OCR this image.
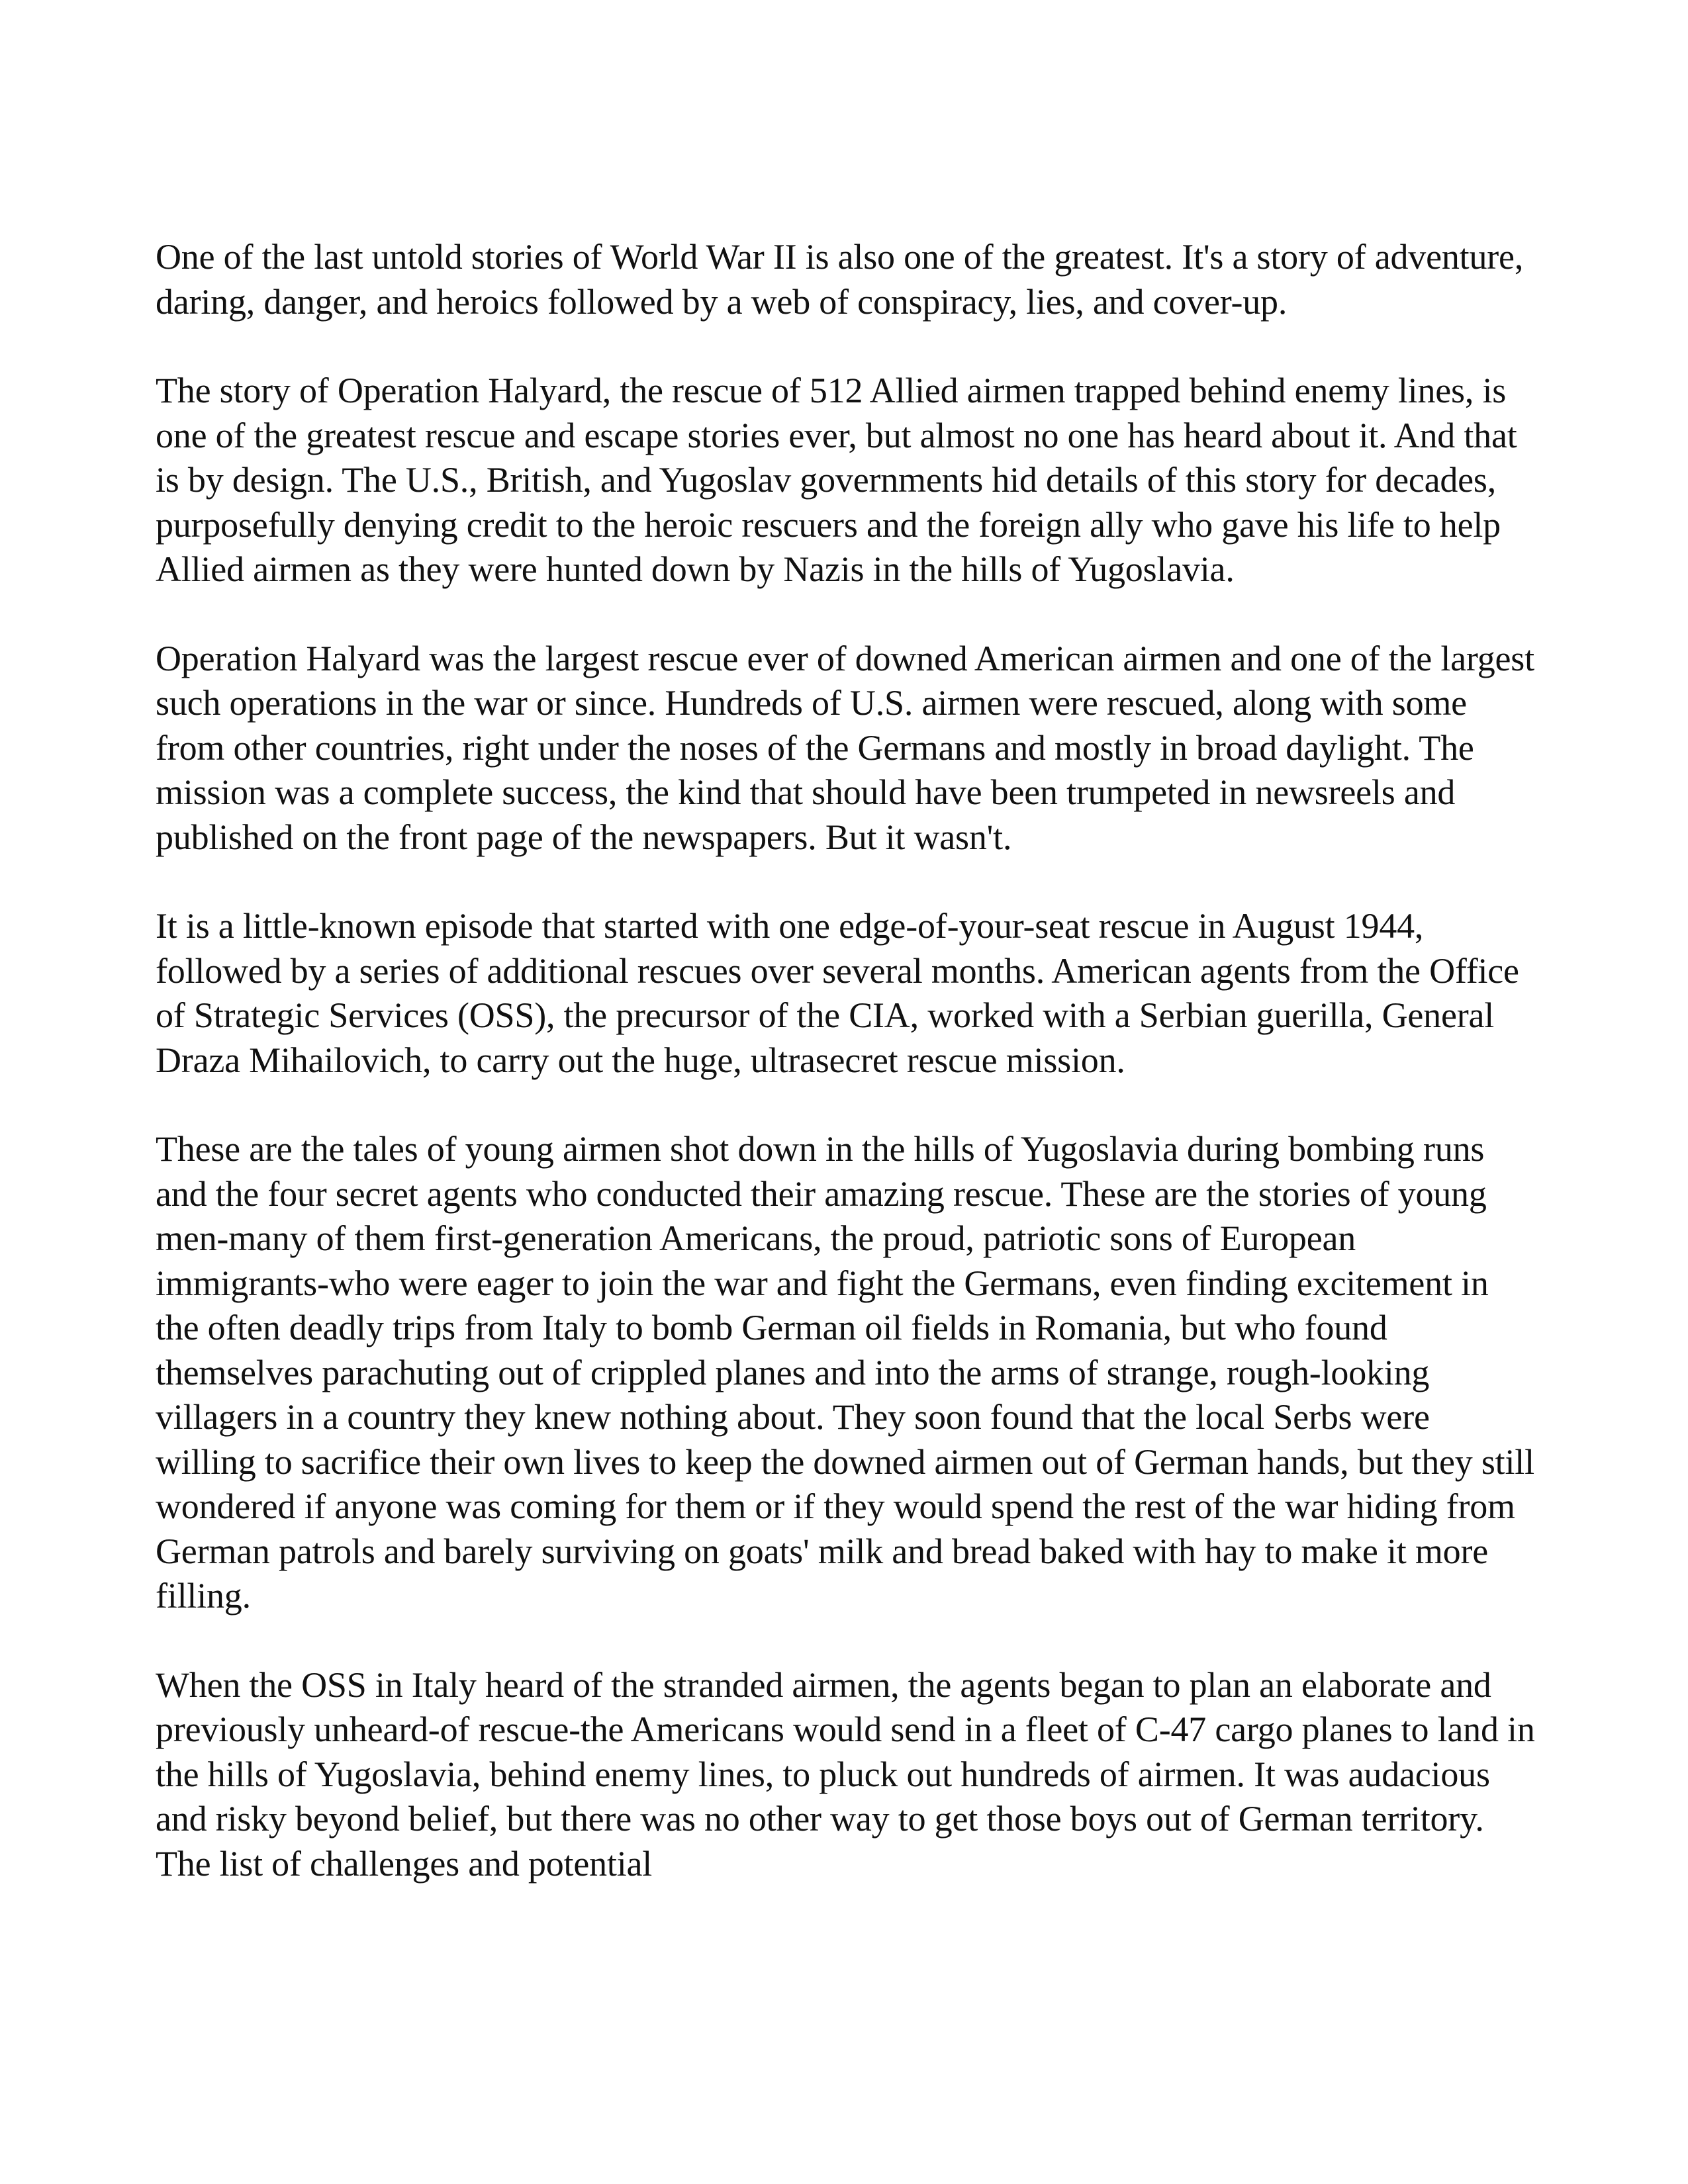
One of the last untold stories of World War II is also one of the greatest. It's a story of adventure, daring, danger, and heroics followed by a web of conspiracy, lies, and cover-up.

The story of Operation Halyard, the rescue of 512 Allied airmen trapped behind enemy lines, is one of the greatest rescue and escape stories ever, but almost no one has heard about it. And that is by design. The U.S., British, and Yugoslav governments hid details of this story for decades, purposefully denying credit to the heroic rescuers and the foreign ally who gave his life to help Allied airmen as they were hunted down by Nazis in the hills of Yugoslavia.

Operation Halyard was the largest rescue ever of downed American airmen and one of the largest such operations in the war or since. Hundreds of U.S. airmen were rescued, along with some from other countries, right under the noses of the Germans and mostly in broad daylight. The mission was a complete success, the kind that should have been trumpeted in newsreels and published on the front page of the newspapers. But it wasn't.

It is a little-known episode that started with one edge-of-your-seat rescue in August 1944, followed by a series of additional rescues over several months. American agents from the Office of Strategic Services (OSS), the precursor of the CIA, worked with a Serbian guerilla, General Draza Mihailovich, to carry out the huge, ultrasecret rescue mission.

These are the tales of young airmen shot down in the hills of Yugoslavia during bombing runs and the four secret agents who conducted their amazing rescue. These are the stories of young men-many of them first-generation Americans, the proud, patriotic sons of European immigrants-who were eager to join the war and fight the Germans, even finding excitement in the often deadly trips from Italy to bomb German oil fields in Romania, but who found themselves parachuting out of crippled planes and into the arms of strange, rough-looking villagers in a country they knew nothing about. They soon found that the local Serbs were willing to sacrifice their own lives to keep the downed airmen out of German hands, but they still wondered if anyone was coming for them or if they would spend the rest of the war hiding from German patrols and barely surviving on goats' milk and bread baked with hay to make it more filling.

When the OSS in Italy heard of the stranded airmen, the agents began to plan an elaborate and previously unheard-of rescue-the Americans would send in a fleet of C-47 cargo planes to land in the hills of Yugoslavia, behind enemy lines, to pluck out hundreds of airmen. It was audacious and risky beyond belief, but there was no other way to get those boys out of German territory. The list of challenges and potential
